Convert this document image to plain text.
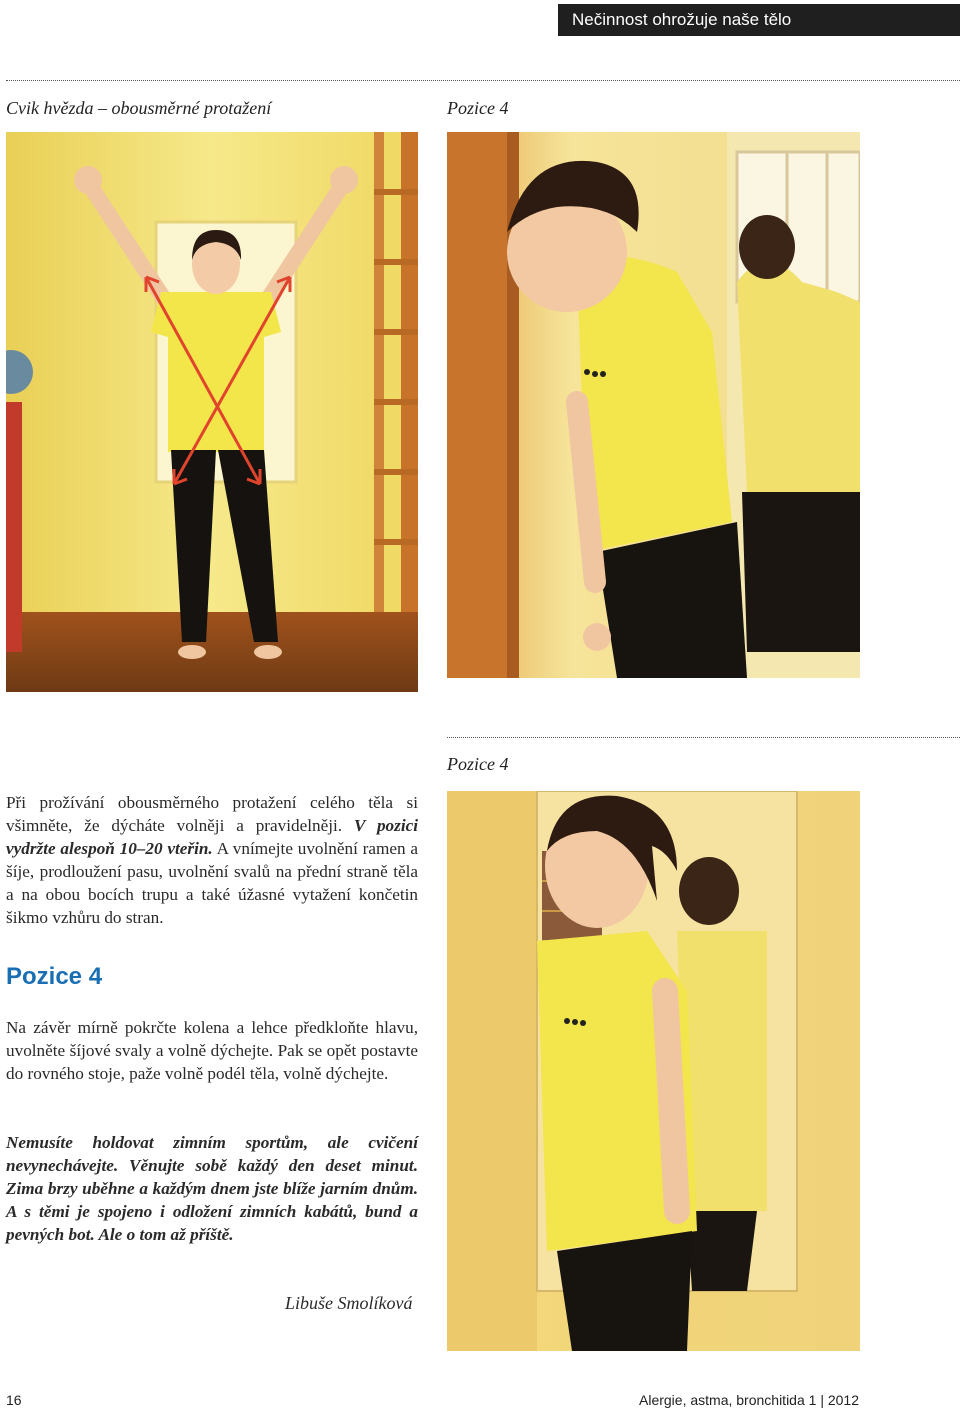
Nečinnost ohrožuje naše tělo
Cvik hvězda – obousměrné protažení	Pozice 4
Pozice 4
Při prožívání obousměrného protažení celého těla si všimněte, že dýcháte volněji a pravidelněji. V pozici vydržte alespoň 10–20 vteřin. A vnímejte uvolnění ramen a šíje, prodloužení pasu, uvolnění svalů na přední straně těla a na obou bocích trupu a také úžasné vytažení končetin šikmo vzhůru do stran.
Pozice 4
Na závěr mírně pokrčte kolena a lehce předkloňte hlavu, uvolněte šíjové svaly a volně dýchejte. Pak se opět postavte do rovného stoje, paže volně podél těla, volně dýchejte.
Nemusíte holdovat zimním sportům, ale cvičení nevynechávejte. Věnujte sobě každý den deset minut. Zima brzy uběhne a každým dnem jste blíže jarním dnům. A s těmi je spojeno i odložení zimních kabátů, bund a pevných bot. Ale o tom až příště.
Libuše Smolíková
16	Alergie, astma, bronchitida 1 | 2012
